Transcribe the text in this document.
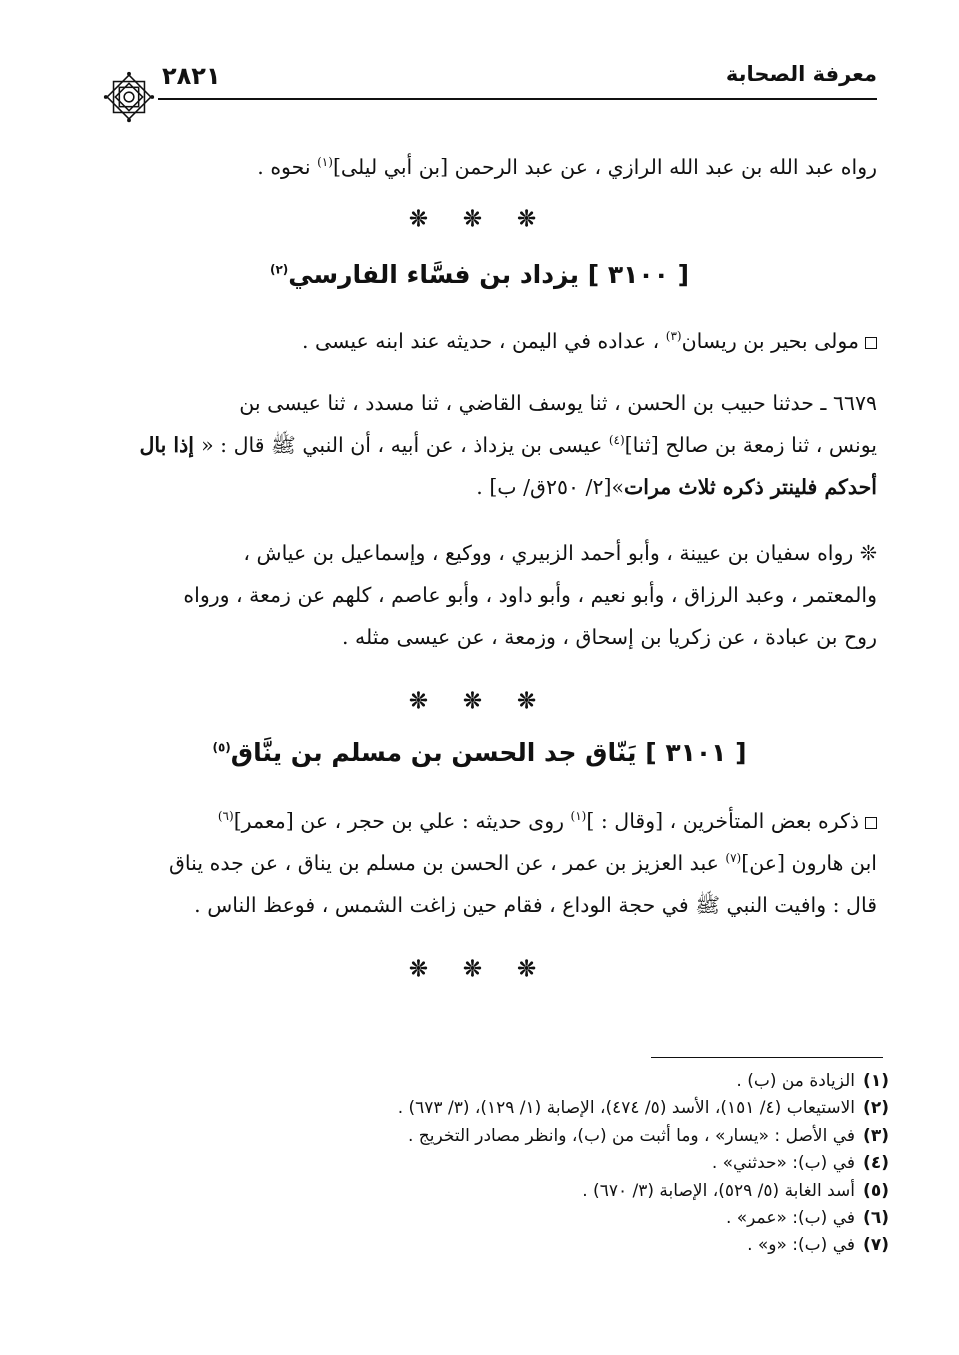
معرفة الصحابة
٢٨٢١
رواه عبد الله بن عبد الله الرازي ، عن عبد الرحمن [بن أبي ليلى]$^{(١)}$ نحوه .
❊ ❊ ❊
[ ٣١٠٠ ] يزداد بن فسَّاء الفارسي$^{(٢)}$
مولى بحير بن ريسان$^{(٣)}$ ، عداده في اليمن ، حديثه عند ابنه عيسى .
٦٦٧٩ ـ حدثنا حبيب بن الحسن ، ثنا يوسف القاضي ، ثنا مسدد ، ثنا عيسى بن
يونس ، ثنا زمعة بن صالح [ثنا]$^{(٤)}$ عيسى بن يزداذ ، عن أبيه ، أن النبي ﷺ قال : « إذا بال
أحدكم فلينتر ذكره ثلاث مرات»[٢/ ٢٥٠ق/ ب] .
❊ رواه سفيان بن عيينة ، وأبو أحمد الزبيري ، ووكيع ، وإسماعيل بن عياش ،
والمعتمر ، وعبد الرزاق ، وأبو نعيم ، وأبو داود ، وأبو عاصم ، كلهم عن زمعة ، ورواه
روح بن عبادة ، عن زكريا بن إسحاق ، وزمعة ، عن عيسى مثله .
❊ ❊ ❊
[ ٣١٠١ ] يَنّاق جد الحسن بن مسلم بن ينَّاق$^{(٥)}$
ذكره بعض المتأخرين ، [وقال : ]$^{(١)}$ روى حديثه : علي بن حجر ، عن [معمر]$^{(٦)}$
ابن هارون [عن]$^{(٧)}$ عبد العزيز بن عمر ، عن الحسن بن مسلم بن يناق ، عن جده يناق
قال : وافيت النبي ﷺ في حجة الوداع ، فقام حين زاغت الشمس ، فوعظ الناس .
❊ ❊ ❊
(١)
الزيادة من (ب) .
(٢)
الاستيعاب (٤/ ١٥١)، الأسد (٥/ ٤٧٤)، الإصابة (١/ ١٢٩)، (٣/ ٦٧٣) .
(٣)
في الأصل : «يسار» ، وما أثبت من (ب)، وانظر مصادر التخريج .
(٤)
في (ب): «حدثني» .
(٥)
أسد الغابة (٥/ ٥٢٩)، الإصابة (٣/ ٦٧٠) .
(٦)
في (ب): «عمر» .
(٧)
في (ب): «و» .
